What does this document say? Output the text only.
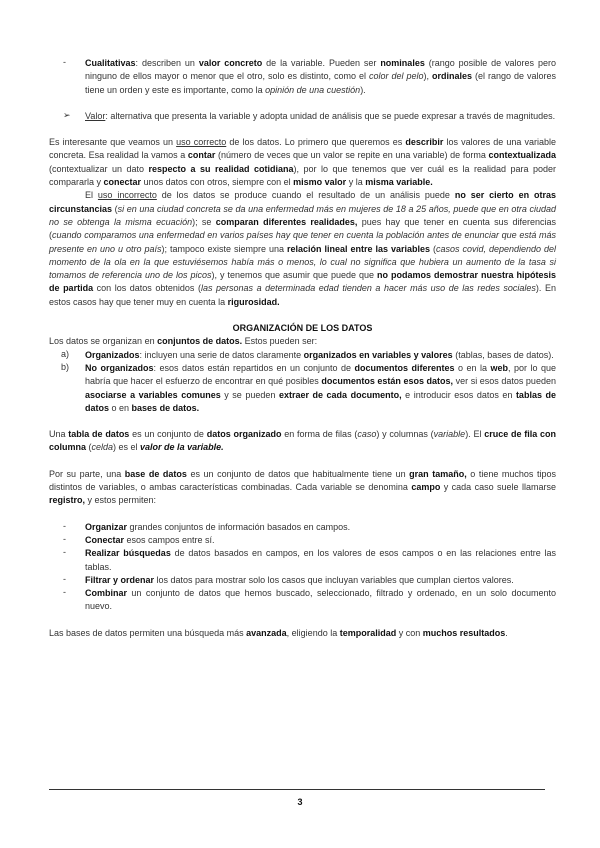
- Cualitativas: describen un valor concreto de la variable. Pueden ser nominales (rango posible de valores pero ninguno de ellos mayor o menor que el otro, solo es distinto, como el color del pelo), ordinales (el rango de valores tiene un orden y este es importante, como la opinión de una cuestión).

➢ Valor: alternativa que presenta la variable y adopta unidad de análisis que se puede expresar a través de magnitudes.

Es interesante que veamos un uso correcto de los datos. Lo primero que queremos es describir los valores de una variable concreta. Esa realidad la vamos a contar (número de veces que un valor se repite en una variable) de forma contextualizada (contextualizar un dato respecto a su realidad cotidiana), por lo que tenemos que ver cuál es la realidad para poder compararla y conectar unos datos con otros, siempre con el mismo valor y la misma variable.

El uso incorrecto de los datos se produce cuando el resultado de un análisis puede no ser cierto en otras circunstancias (si en una ciudad concreta se da una enfermedad más en mujeres de 18 a 25 años, puede que en otra ciudad no se obtenga la misma ecuación); se comparan diferentes realidades, pues hay que tener en cuenta sus diferencias (cuando comparamos una enfermedad en varios países hay que tener en cuenta la población antes de enunciar que está más presente en uno u otro país); tampoco existe siempre una relación lineal entre las variables (casos covid, dependiendo del momento de la ola en la que estuviésemos había más o menos, lo cual no significa que hubiera un aumento de la tasa si tomamos de referencia uno de los picos), y tenemos que asumir que puede que no podamos demostrar nuestra hipótesis de partida con los datos obtenidos (las personas a determinada edad tienden a hacer más uso de las redes sociales). En estos casos hay que tener muy en cuenta la rigurosidad.

ORGANIZACIÓN DE LOS DATOS

Los datos se organizan en conjuntos de datos. Estos pueden ser:

a) Organizados: incluyen una serie de datos claramente organizados en variables y valores (tablas, bases de datos).

b) No organizados: esos datos están repartidos en un conjunto de documentos diferentes o en la web, por lo que habría que hacer el esfuerzo de encontrar en qué posibles documentos están esos datos, ver si esos datos pueden asociarse a variables comunes y se pueden extraer de cada documento, e introducir esos datos en tablas de datos o en bases de datos.

Una tabla de datos es un conjunto de datos organizado en forma de filas (caso) y columnas (variable). El cruce de fila con columna (celda) es el valor de la variable.

Por su parte, una base de datos es un conjunto de datos que habitualmente tiene un gran tamaño, o tiene muchos tipos distintos de variables, o ambas características combinadas. Cada variable se denomina campo y cada caso suele llamarse registro, y estos permiten:

- Organizar grandes conjuntos de información basados en campos.

- Conectar esos campos entre sí.

- Realizar búsquedas de datos basados en campos, en los valores de esos campos o en las relaciones entre las tablas.

- Filtrar y ordenar los datos para mostrar solo los casos que incluyan variables que cumplan ciertos valores.

- Combinar un conjunto de datos que hemos buscado, seleccionado, filtrado y ordenado, en un solo documento nuevo.

Las bases de datos permiten una búsqueda más avanzada, eligiendo la temporalidad y con muchos resultados.

3
